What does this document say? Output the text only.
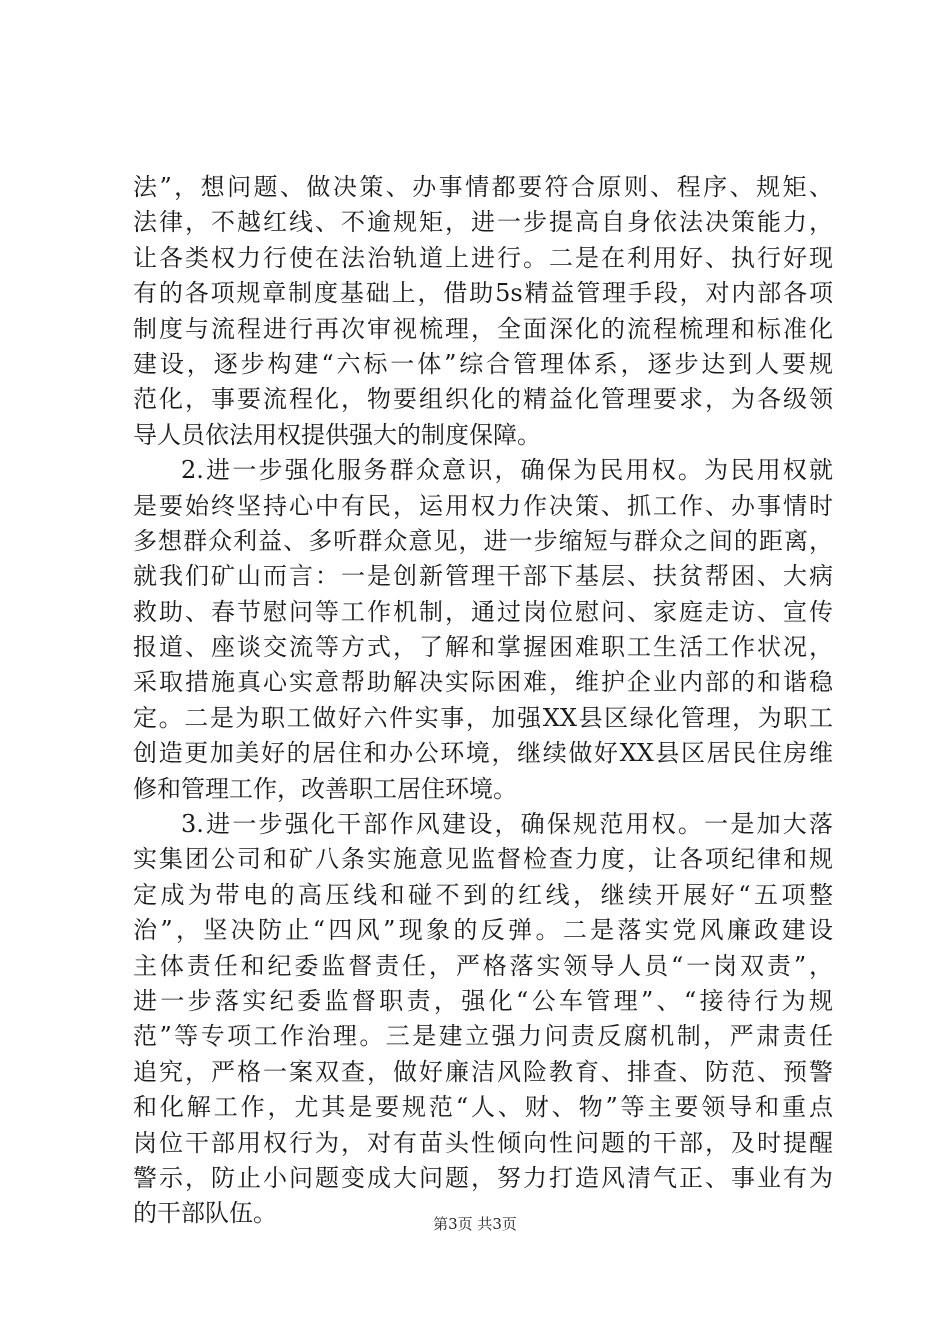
法”，想问题、做决策、办事情都要符合原则、程序、规矩、
法律，不越红线、不逾规矩，进一步提高自身依法决策能力，
让各类权力行使在法治轨道上进行。二是在利用好、执行好现
有的各项规章制度基础上，借助5s精益管理手段，对内部各项
制度与流程进行再次审视梳理，全面深化的流程梳理和标准化
建设，逐步构建“六标一体”综合管理体系，逐步达到人要规
范化，事要流程化，物要组织化的精益化管理要求，为各级领
导人员依法用权提供强大的制度保障。
2.进一步强化服务群众意识，确保为民用权。为民用权就
是要始终坚持心中有民，运用权力作决策、抓工作、办事情时
多想群众利益、多听群众意见，进一步缩短与群众之间的距离，
就我们矿山而言：一是创新管理干部下基层、扶贫帮困、大病
救助、春节慰问等工作机制，通过岗位慰问、家庭走访、宣传
报道、座谈交流等方式，了解和掌握困难职工生活工作状况，
采取措施真心实意帮助解决实际困难，维护企业内部的和谐稳
定。二是为职工做好六件实事，加强XX县区绿化管理，为职工
创造更加美好的居住和办公环境，继续做好XX县区居民住房维
修和管理工作，改善职工居住环境。
3.进一步强化干部作风建设，确保规范用权。一是加大落
实集团公司和矿八条实施意见监督检查力度，让各项纪律和规
定成为带电的高压线和碰不到的红线，继续开展好“五项整
治”，坚决防止“四风”现象的反弹。二是落实党风廉政建设
主体责任和纪委监督责任，严格落实领导人员“一岗双责”，
进一步落实纪委监督职责，强化“公车管理”、“接待行为规
范”等专项工作治理。三是建立强力问责反腐机制，严肃责任
追究，严格一案双查，做好廉洁风险教育、排查、防范、预警
和化解工作，尤其是要规范“人、财、物”等主要领导和重点
岗位干部用权行为，对有苗头性倾向性问题的干部，及时提醒
警示，防止小问题变成大问题，努力打造风清气正、事业有为
的干部队伍。	第3页 共3页
